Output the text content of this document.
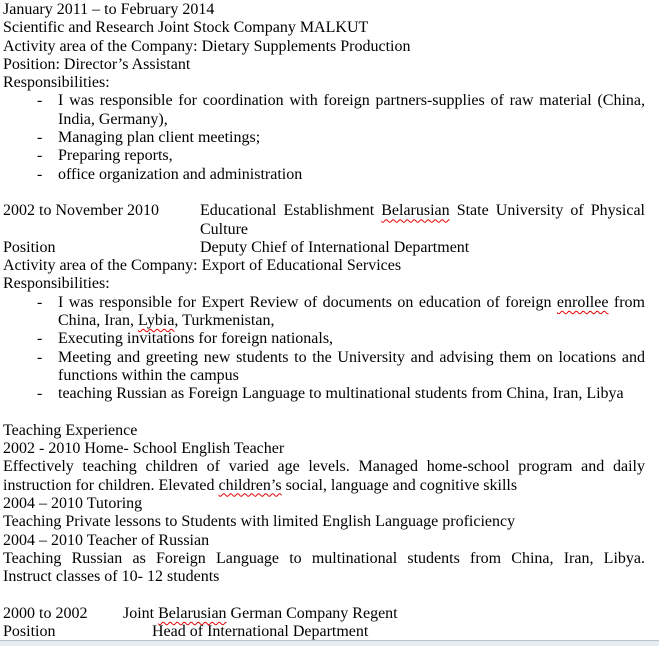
January 2011 – to February 2014
Scientific and Research Joint Stock Company MALKUT
Activity area of the Company: Dietary Supplements Production
Position: Director’s Assistant
Responsibilities:
- I was responsible for coordination with foreign partners-supplies of raw material (China,
India, Germany),
- Managing plan client meetings;
- Preparing reports,
- office organization and administration
2002 to November 2010	Educational Establishment Belarusian State University of Physical
Culture
Position	Deputy Chief of International Department
Activity area of the Company: Export of Educational Services
Responsibilities:
- I was responsible for Expert Review of documents on education of foreign enrollee from
China, Iran, Lybia, Turkmenistan,
- Executing invitations for foreign nationals,
- Meeting and greeting new students to the University and advising them on locations and
functions within the campus
- teaching Russian as Foreign Language to multinational students from China, Iran, Libya
Teaching Experience
2002 - 2010 Home- School English Teacher
Effectively teaching children of varied age levels. Managed home-school program and daily
instruction for children. Elevated children’s social, language and cognitive skills
2004 – 2010 Tutoring
Teaching Private lessons to Students with limited English Language proficiency
2004 – 2010 Teacher of Russian
Teaching Russian as Foreign Language to multinational students from China, Iran, Libya.
Instruct classes of 10- 12 students
2000 to 2002	Joint Belarusian German Company Regent
Position	Head of International Department
